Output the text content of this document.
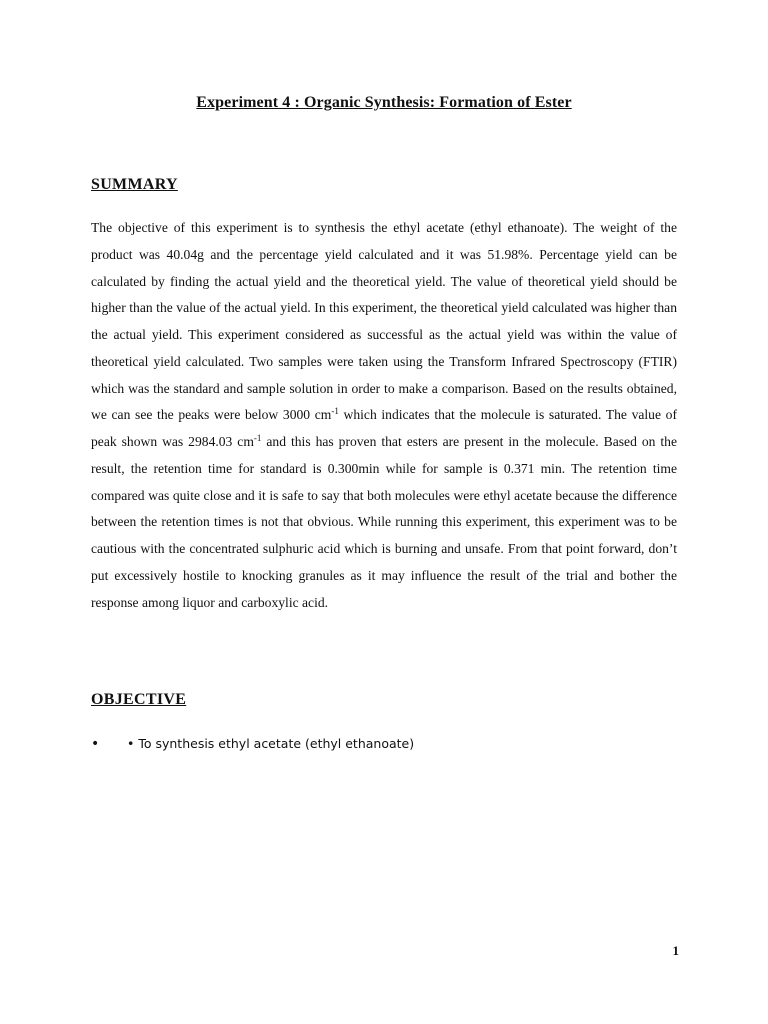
Experiment 4 : Organic Synthesis: Formation of Ester
SUMMARY

The objective of this experiment is to synthesis the ethyl acetate (ethyl ethanoate). The weight of the product was 40.04g and the percentage yield calculated and it was 51.98%. Percentage yield can be calculated by finding the actual yield and the theoretical yield. The value of theoretical yield should be higher than the value of the actual yield. In this experiment, the theoretical yield calculated was higher than the actual yield. This experiment considered as successful as the actual yield was within the value of theoretical yield calculated. Two samples were taken using the Transform Infrared Spectroscopy (FTIR) which was the standard and sample solution in order to make a comparison. Based on the results obtained, we can see the peaks were below 3000 $cm^{-1}$ which indicates that the molecule is saturated. The value of peak shown was 2984.03 $cm^{-1}$ and this has proven that esters are present in the molecule. Based on the result, the retention time for standard is 0.300min while for sample is 0.371 min. The retention time compared was quite close and it is safe to say that both molecules were ethyl acetate because the difference between the retention times is not that obvious. While running this experiment, this experiment was to be cautious with the concentrated sulphuric acid which is burning and unsafe. From that point forward, don’t put excessively hostile to knocking granules as it may influence the result of the trial and bother the response among liquor and carboxylic acid.

OBJECTIVE
•	• To synthesis ethyl acetate (ethyl ethanoate)
1
